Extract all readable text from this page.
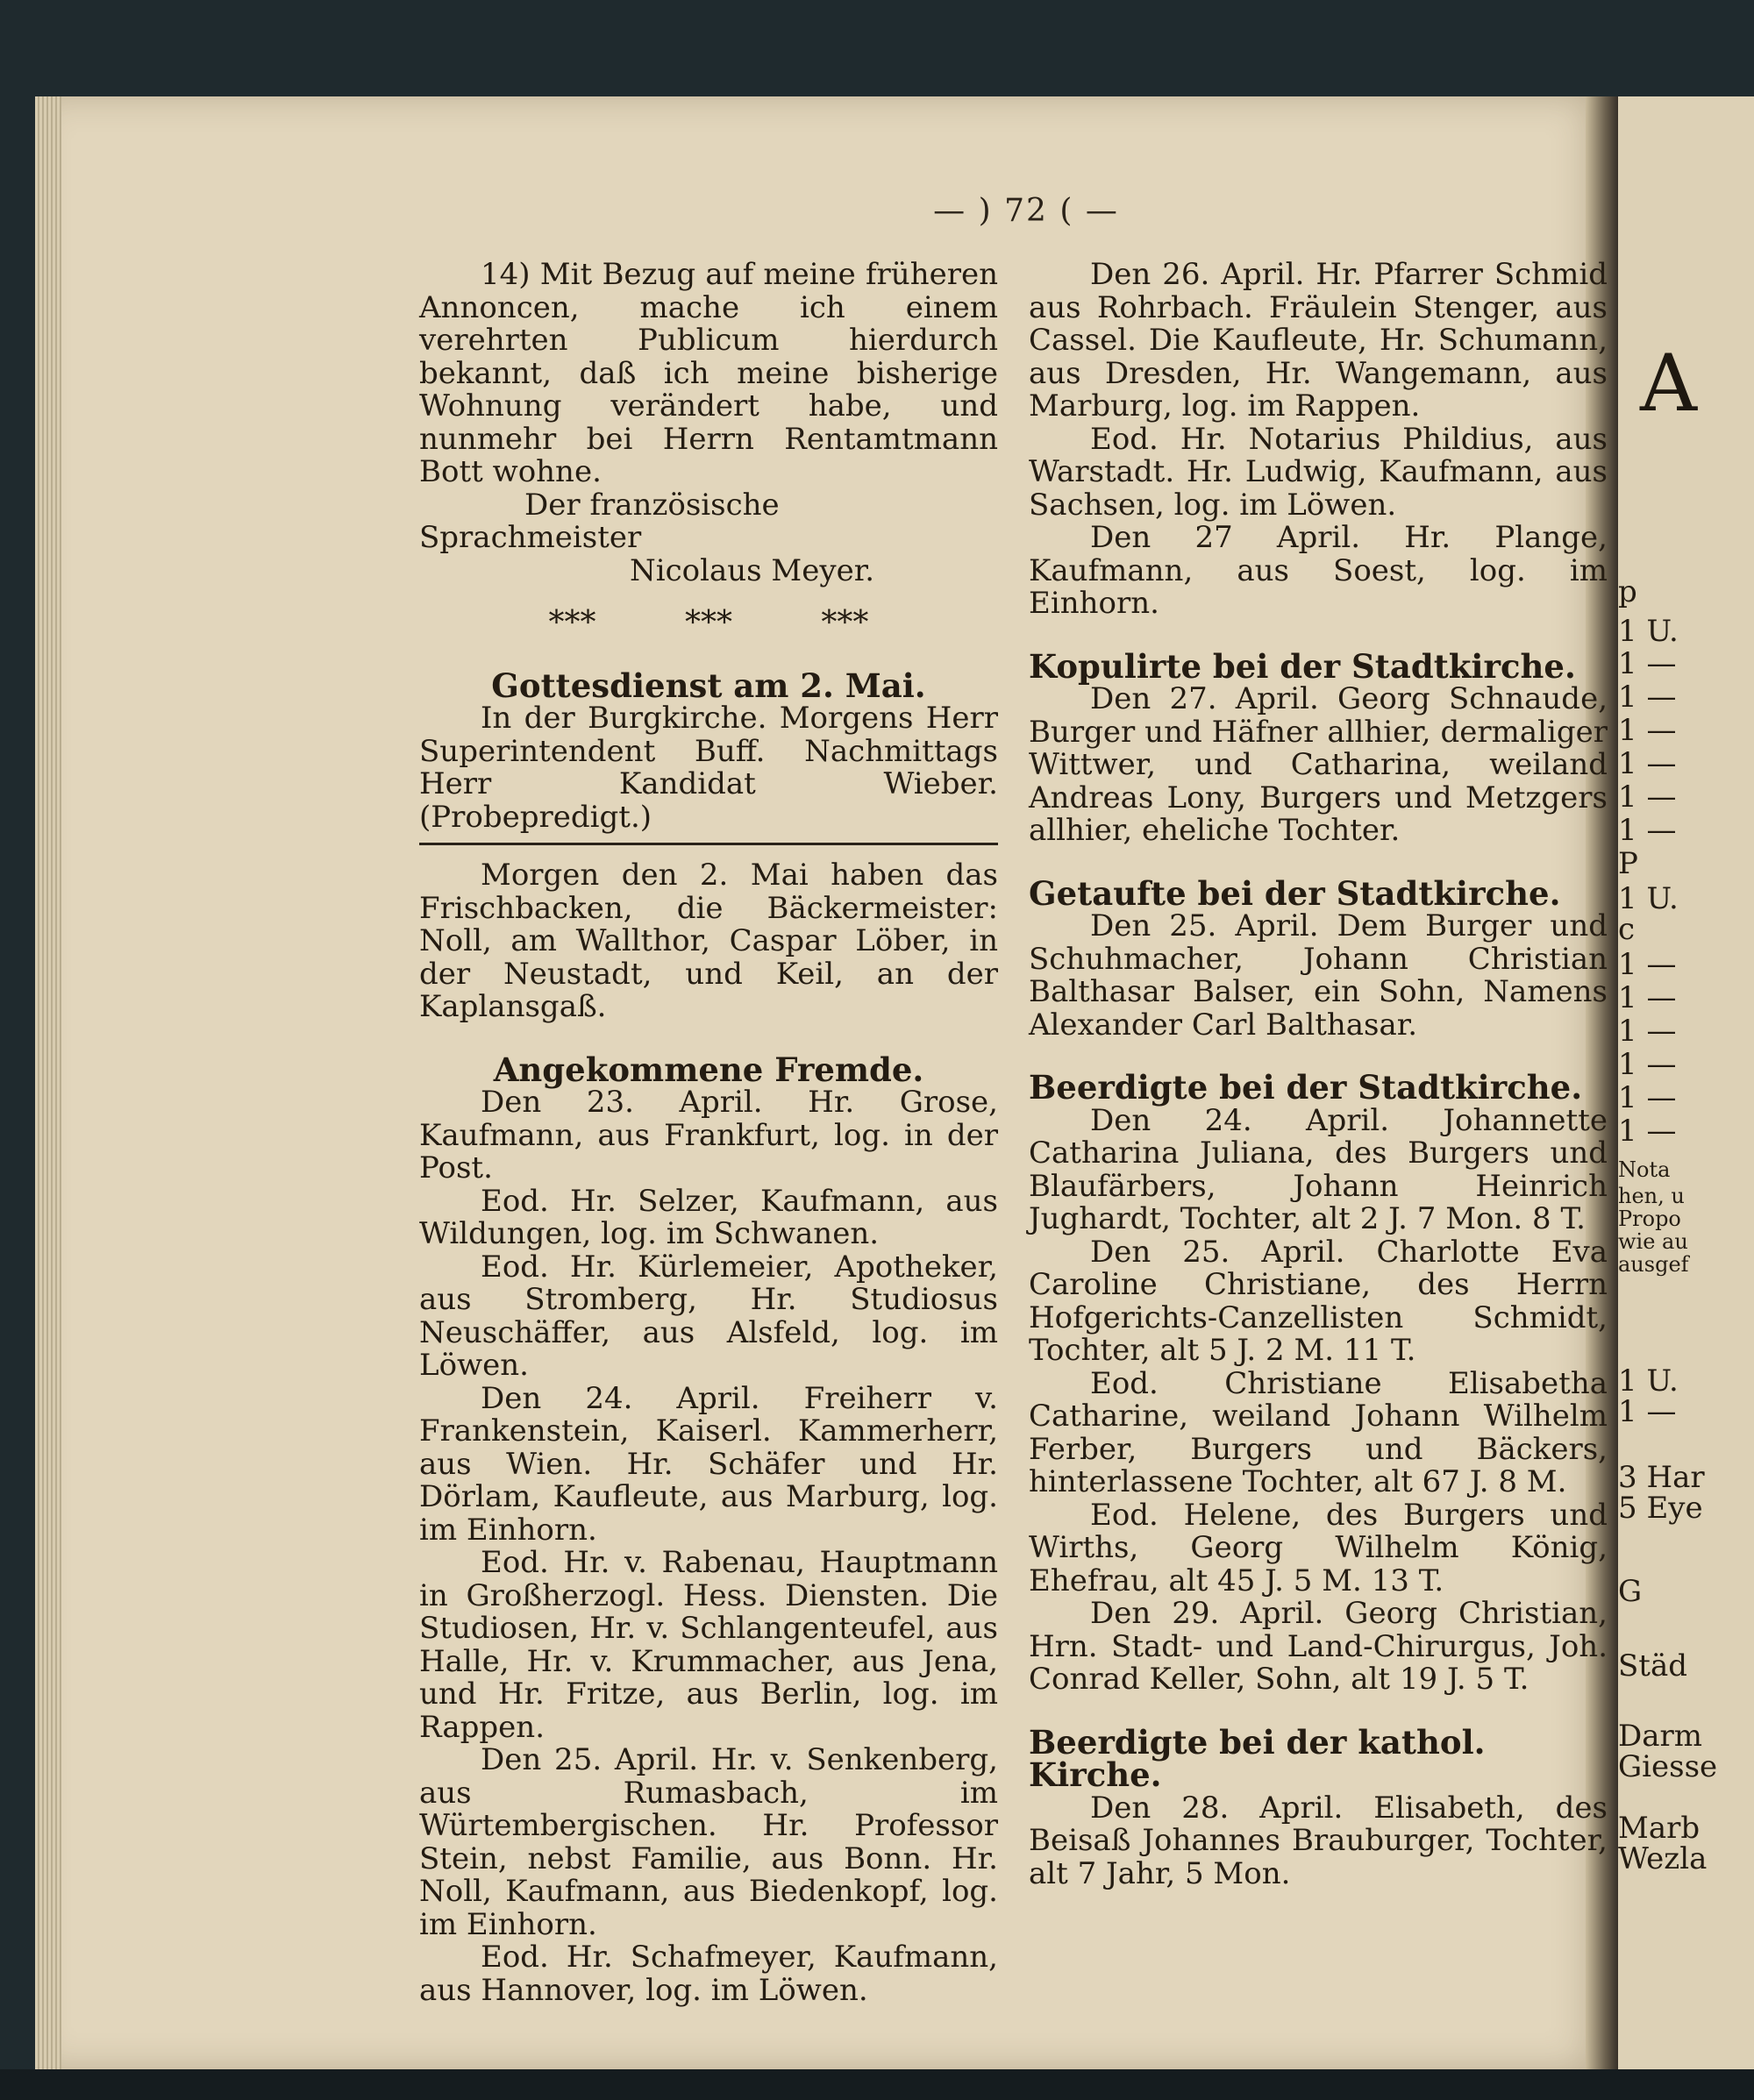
A
p
1 U.
1 —
1 —
1 —
1 —
1 —
1 —
P
1 U.
c
1 —
1 —
1 —
1 —
1 —
1 —
Nota
hen, u
Propo
wie au
ausgef
1 U.
1 —
3 Har
5 Eye
G
Städ
Darm
Giesse
Marb
Wezla
— ) 72 ( —

14) Mit Bezug auf meine früheren Annoncen, mache ich einem verehrten Publicum hierdurch bekannt, daß ich meine bisherige Wohnung verändert habe, und nunmehr bei Herrn Rentamtmann Bott wohne.

Der französische Sprachmeister

Nicolaus Meyer.

*** *** ***

Gottesdienst am 2. Mai.

In der Burgkirche. Morgens Herr Superintendent Buff. Nachmittags Herr Kandidat Wieber. (Probepredigt.)

Morgen den 2. Mai haben das Frischbacken, die Bäckermeister: Noll, am Wallthor, Caspar Löber, in der Neustadt, und Keil, an der Kaplansgaß.

Angekommene Fremde.

Den 23. April. Hr. Grose, Kaufmann, aus Frankfurt, log. in der Post.

Eod. Hr. Selzer, Kaufmann, aus Wildungen, log. im Schwanen.

Eod. Hr. Kürlemeier, Apotheker, aus Stromberg, Hr. Studiosus Neuschäffer, aus Alsfeld, log. im Löwen.

Den 24. April. Freiherr v. Frankenstein, Kaiserl. Kammerherr, aus Wien. Hr. Schäfer und Hr. Dörlam, Kaufleute, aus Marburg, log. im Einhorn.

Eod. Hr. v. Rabenau, Hauptmann in Großherzogl. Hess. Diensten. Die Studiosen, Hr. v. Schlangenteufel, aus Halle, Hr. v. Krummacher, aus Jena, und Hr. Fritze, aus Berlin, log. im Rappen.

Den 25. April. Hr. v. Senkenberg, aus Rumasbach, im Würtembergischen. Hr. Professor Stein, nebst Familie, aus Bonn. Hr. Noll, Kaufmann, aus Biedenkopf, log. im Einhorn.

Eod. Hr. Schafmeyer, Kaufmann, aus Hannover, log. im Löwen.

Den 26. April. Hr. Pfarrer Schmid aus Rohrbach. Fräulein Stenger, aus Cassel. Die Kaufleute, Hr. Schumann, aus Dresden, Hr. Wangemann, aus Marburg, log. im Rappen.

Eod. Hr. Notarius Phildius, aus Warstadt. Hr. Ludwig, Kaufmann, aus Sachsen, log. im Löwen.

Den 27 April. Hr. Plange, Kaufmann, aus Soest, log. im Einhorn.

Kopulirte bei der Stadtkirche.

Den 27. April. Georg Schnaude, Burger und Häfner allhier, dermaliger Wittwer, und Catharina, weiland Andreas Lony, Burgers und Metzgers allhier, eheliche Tochter.

Getaufte bei der Stadtkirche.

Den 25. April. Dem Burger und Schuhmacher, Johann Christian Balthasar Balser, ein Sohn, Namens Alexander Carl Balthasar.

Beerdigte bei der Stadtkirche.

Den 24. April. Johannette Catharina Juliana, des Burgers und Blaufärbers, Johann Heinrich Jughardt, Tochter, alt 2 J. 7 Mon. 8 T.

Den 25. April. Charlotte Eva Caroline Christiane, des Herrn Hofgerichts-Canzellisten Schmidt, Tochter, alt 5 J. 2 M. 11 T.

Eod. Christiane Elisabetha Catharine, weiland Johann Wilhelm Ferber, Burgers und Bäckers, hinterlassene Tochter, alt 67 J. 8 M.

Eod. Helene, des Burgers und Wirths, Georg Wilhelm König, Ehefrau, alt 45 J. 5 M. 13 T.

Den 29. April. Georg Christian, Hrn. Stadt- und Land-Chirurgus, Joh. Conrad Keller, Sohn, alt 19 J. 5 T.

Beerdigte bei der kathol. Kirche.

Den 28. April. Elisabeth, des Beisaß Johannes Brauburger, Tochter, alt 7 Jahr, 5 Mon.
